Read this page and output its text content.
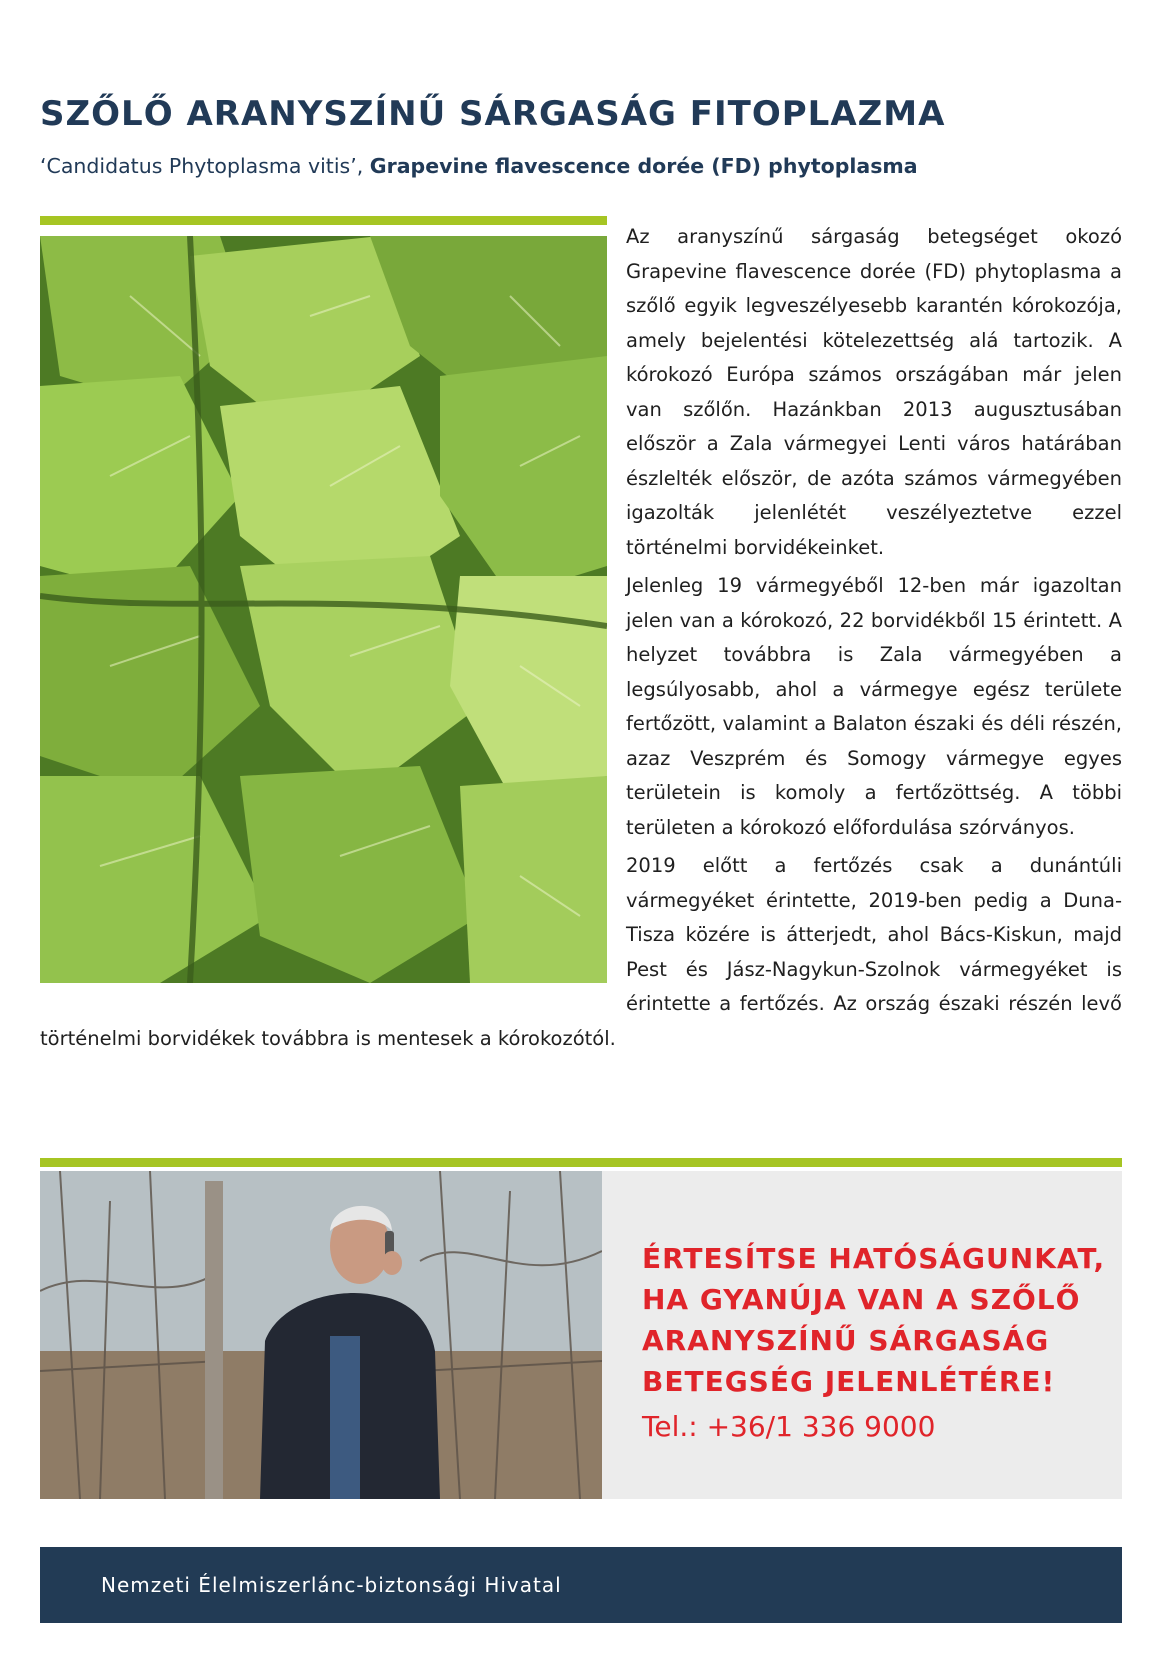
SZŐLŐ ARANYSZÍNŰ SÁRGASÁG FITOPLAZMA

‘Candidatus Phytoplasma vitis’, Grapevine flavescence dorée (FD) phytoplasma

Az aranyszínű sárgaság betegséget okozó Grapevine flavescence dorée (FD) phytoplasma a szőlő egyik legveszélyesebb karantén kórokozója, amely bejelentési kötelezettség alá tartozik. A kórokozó Európa számos országában már jelen van szőlőn. Hazánkban 2013 augusztusában először a Zala vármegyei Lenti város határában észlelték először, de azóta számos vármegyében igazolták jelenlétét veszélyeztetve ezzel történelmi borvidékeinket.

Jelenleg 19 vármegyéből 12-ben már igazoltan jelen van a kórokozó, 22 borvidékből 15 érintett. A helyzet továbbra is Zala vármegyében a legsúlyosabb, ahol a vármegye egész területe fertőzött, valamint a Balaton északi és déli részén, azaz Veszprém és Somogy vármegye egyes területein is komoly a fertőzöttség. A többi területen a kórokozó előfordulása szórványos.

2019 előtt a fertőzés csak a dunántúli vármegyéket érintette, 2019-ben pedig a Duna-Tisza közére is átterjedt, ahol Bács-Kiskun, majd Pest és Jász-Nagykun-Szolnok vármegyéket is érintette a fertőzés. Az ország északi részén levő történelmi borvidékek továbbra is mentesek a kórokozótól.

ÉRTESÍTSE HATÓSÁGUNKAT,
HA GYANÚJA VAN A SZŐLŐ
ARANYSZÍNŰ SÁRGASÁG
BETEGSÉG JELENLÉTÉRE!

Tel.: +36/1 336 9000

Nemzeti Élelmiszerlánc-biztonsági Hivatal
